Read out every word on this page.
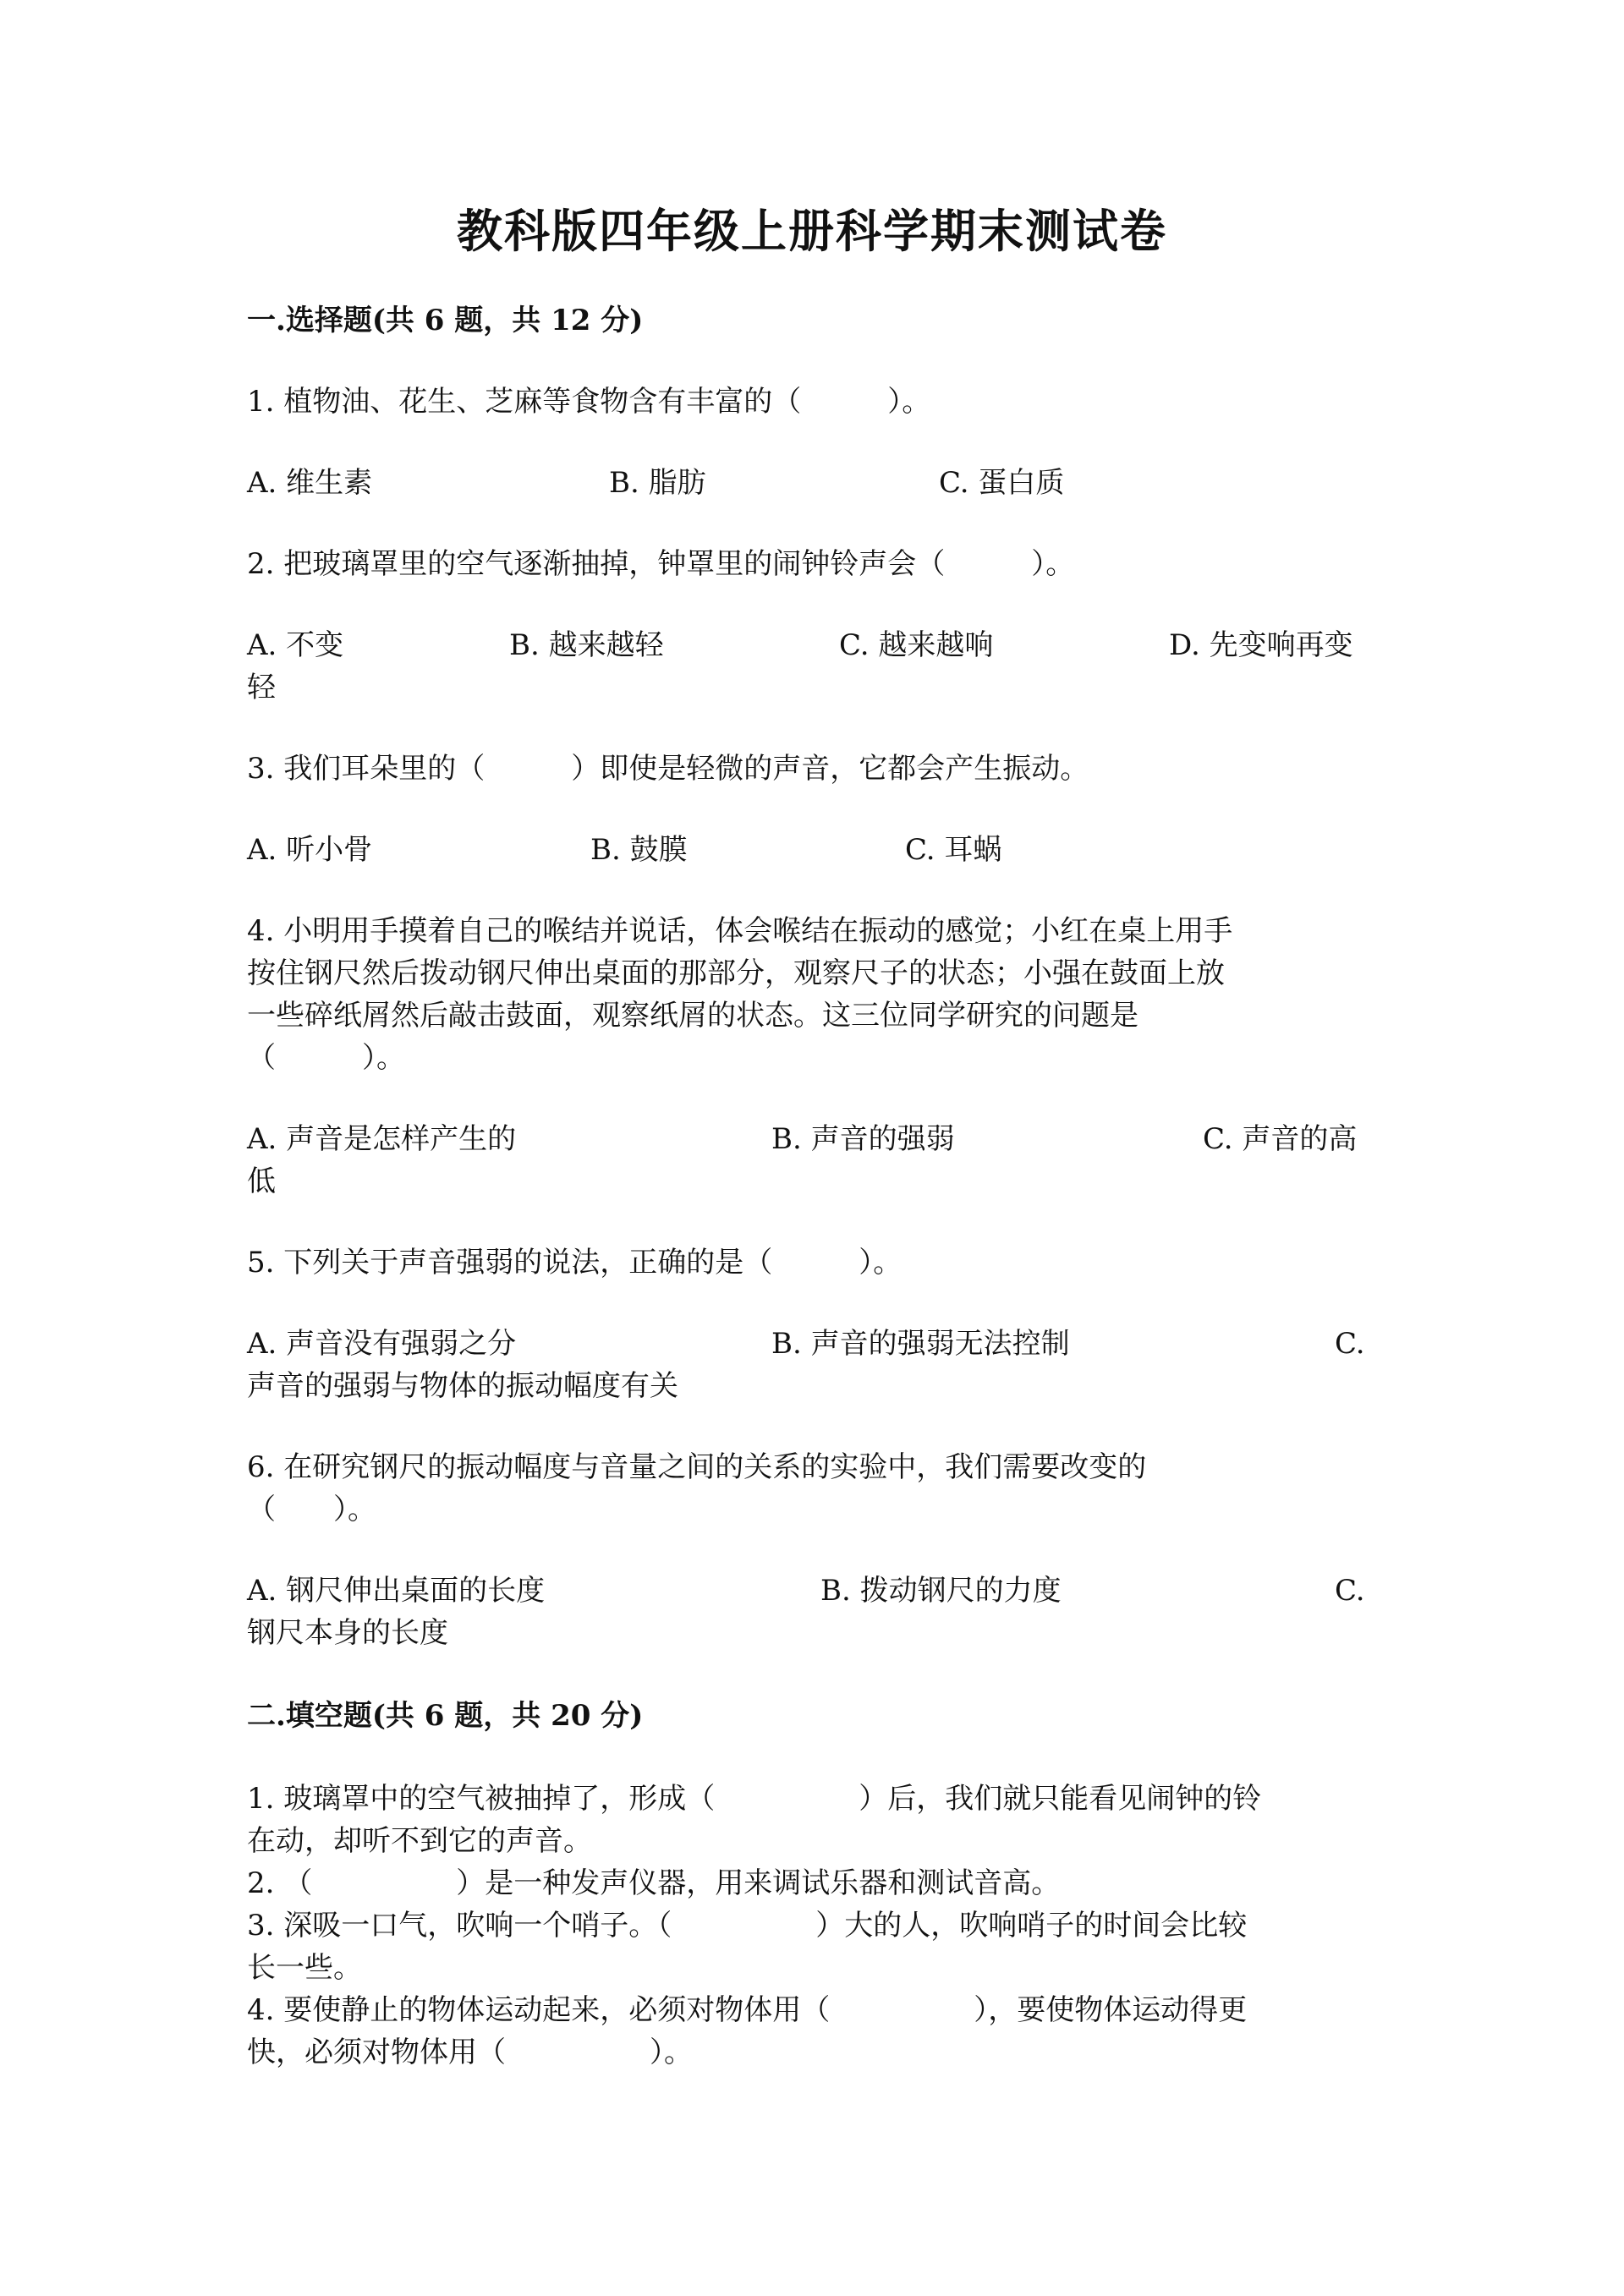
教科版四年级上册科学期末测试卷
一.选择题(共 6 题，共 12 分)
1. 植物油、花生、芝麻等食物含有丰富的（　　　）。
A. 维生素	B. 脂肪	C. 蛋白质
2. 把玻璃罩里的空气逐渐抽掉，钟罩里的闹钟铃声会（　　　）。
A. 不变	B. 越来越轻	C. 越来越响	D. 先变响再变
轻
3. 我们耳朵里的（　　　）即使是轻微的声音，它都会产生振动。
A. 听小骨	B. 鼓膜	C. 耳蜗
4. 小明用手摸着自己的喉结并说话，体会喉结在振动的感觉；小红在桌上用手
按住钢尺然后拨动钢尺伸出桌面的那部分，观察尺子的状态；小强在鼓面上放
一些碎纸屑然后敲击鼓面，观察纸屑的状态。这三位同学研究的问题是
（　　　）。
A. 声音是怎样产生的	B. 声音的强弱	C. 声音的高
低
5. 下列关于声音强弱的说法，正确的是（　　　）。
A. 声音没有强弱之分	B. 声音的强弱无法控制	C.
声音的强弱与物体的振动幅度有关
6. 在研究钢尺的振动幅度与音量之间的关系的实验中，我们需要改变的
（　　）。
A. 钢尺伸出桌面的长度	B. 拨动钢尺的力度	C.
钢尺本身的长度
二.填空题(共 6 题，共 20 分)
1. 玻璃罩中的空气被抽掉了，形成（　　　　　）后，我们就只能看见闹钟的铃
在动，却听不到它的声音。
2. （　　　　　）是一种发声仪器，用来调试乐器和测试音高。
3. 深吸一口气，吹响一个哨子。（　　　　　）大的人，吹响哨子的时间会比较
长一些。
4. 要使静止的物体运动起来，必须对物体用（　　　　　），要使物体运动得更
快，必须对物体用（　　　　　）。
